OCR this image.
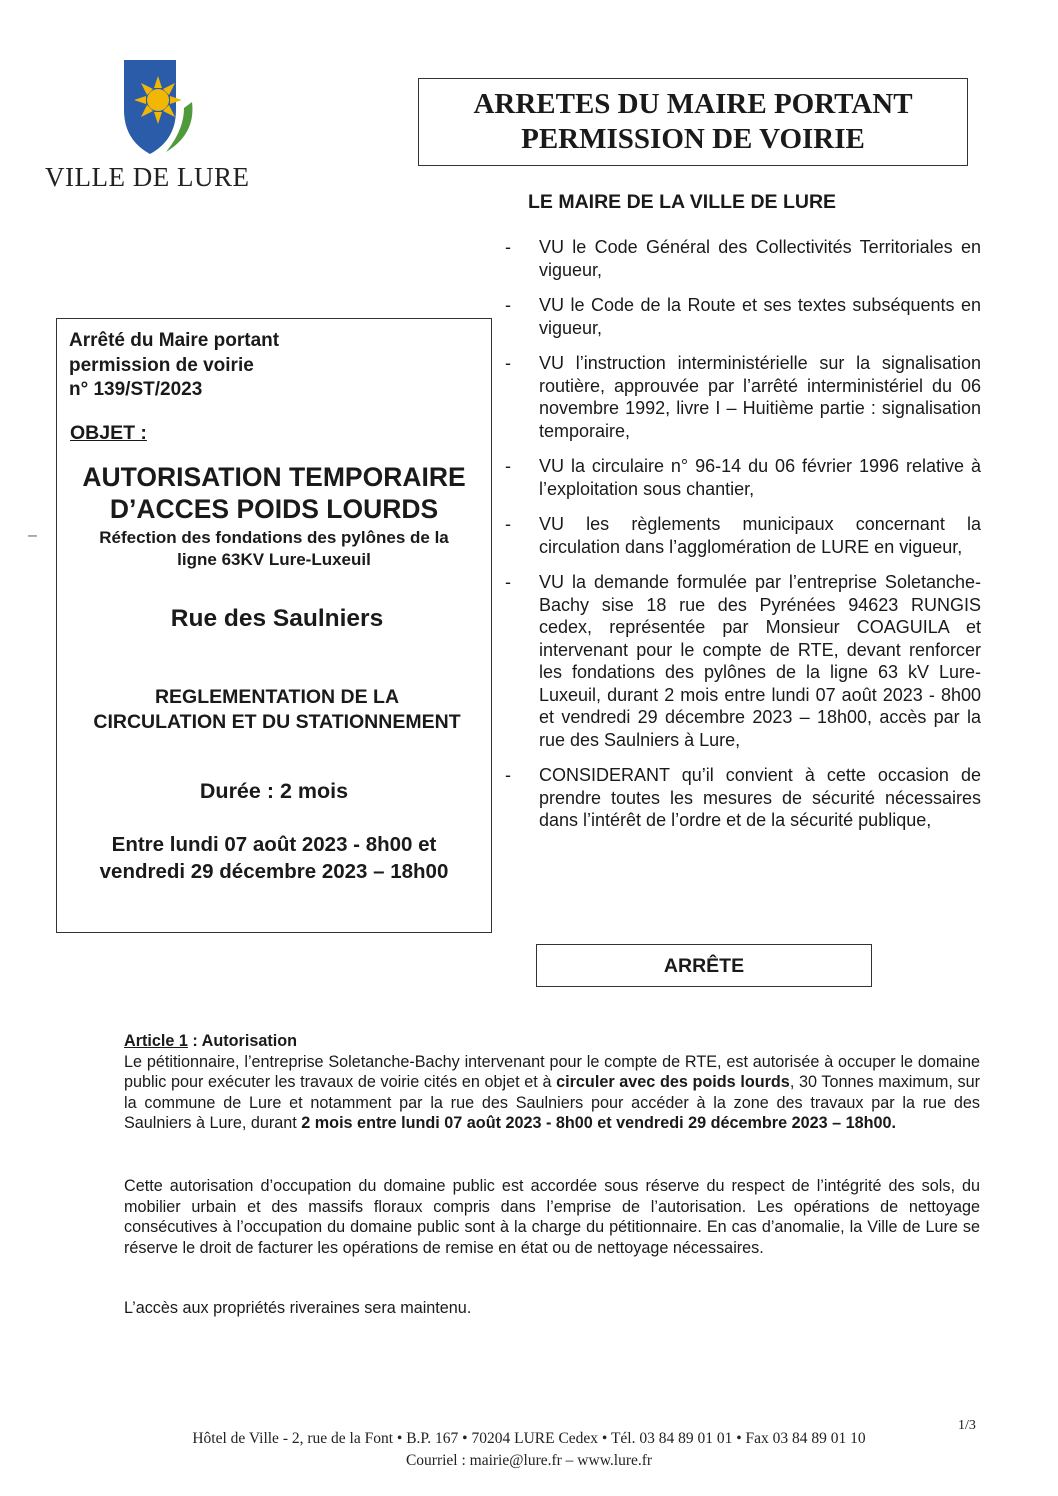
VILLE DE LURE
ARRETES DU MAIRE PORTANT
PERMISSION DE VOIRIE
LE MAIRE DE LA VILLE DE LURE
-	VU le Code Général des Collectivités Territoriales en vigueur,
-	VU le Code de la Route et ses textes subséquents en vigueur,
-	VU l’instruction interministérielle sur la signalisation routière, approuvée par l’arrêté interministériel du 06 novembre 1992, livre I – Huitième partie : signalisation temporaire,
-	VU la circulaire n° 96-14 du 06 février 1996 relative à l’exploitation sous chantier,
-	VU les règlements municipaux concernant la circulation dans l’agglomération de LURE en vigueur,
-	VU la demande formulée par l’entreprise Soletanche-Bachy sise 18 rue des Pyrénées 94623 RUNGIS cedex, représentée par Monsieur COAGUILA et intervenant pour le compte de RTE, devant renforcer les fondations des pylônes de la ligne 63 kV Lure-Luxeuil, durant 2 mois entre lundi 07 août 2023 - 8h00 et vendredi 29 décembre 2023 – 18h00, accès par la rue des Saulniers à Lure,
-	CONSIDERANT qu’il convient à cette occasion de prendre toutes les mesures de sécurité nécessaires dans l’intérêt de l’ordre et de la sécurité publique,
–
Arrêté du Maire portant
permission de voirie
n° 139/ST/2023
OBJET :
AUTORISATION TEMPORAIRE
D’ACCES POIDS LOURDS
Réfection des fondations des pylônes de la
ligne 63KV Lure-Luxeuil
Rue des Saulniers
REGLEMENTATION DE LA
CIRCULATION ET DU STATIONNEMENT
Durée : 2 mois
Entre lundi 07 août 2023 - 8h00 et
vendredi 29 décembre 2023 – 18h00
ARRÊTE
Article 1 : Autorisation
Le pétitionnaire, l’entreprise Soletanche-Bachy intervenant pour le compte de RTE, est autorisée à occuper le domaine public pour exécuter les travaux de voirie cités en objet et à circuler avec des poids lourds, 30 Tonnes maximum, sur la commune de Lure et notamment par la rue des Saulniers pour accéder à la zone des travaux par la rue des Saulniers à Lure, durant 2 mois entre lundi 07 août 2023 - 8h00 et vendredi 29 décembre 2023 – 18h00.
Cette autorisation d’occupation du domaine public est accordée sous réserve du respect de l’intégrité des sols, du mobilier urbain et des massifs floraux compris dans l’emprise de l’autorisation. Les opérations de nettoyage consécutives à l’occupation du domaine public sont à la charge du pétitionnaire. En cas d’anomalie, la Ville de Lure se réserve le droit de facturer les opérations de remise en état ou de nettoyage nécessaires.
L’accès aux propriétés riveraines sera maintenu.
1/3
Hôtel de Ville - 2, rue de la Font • B.P. 167 • 70204 LURE Cedex • Tél. 03 84 89 01 01 • Fax 03 84 89 01 10
Courriel : mairie@lure.fr – www.lure.fr
